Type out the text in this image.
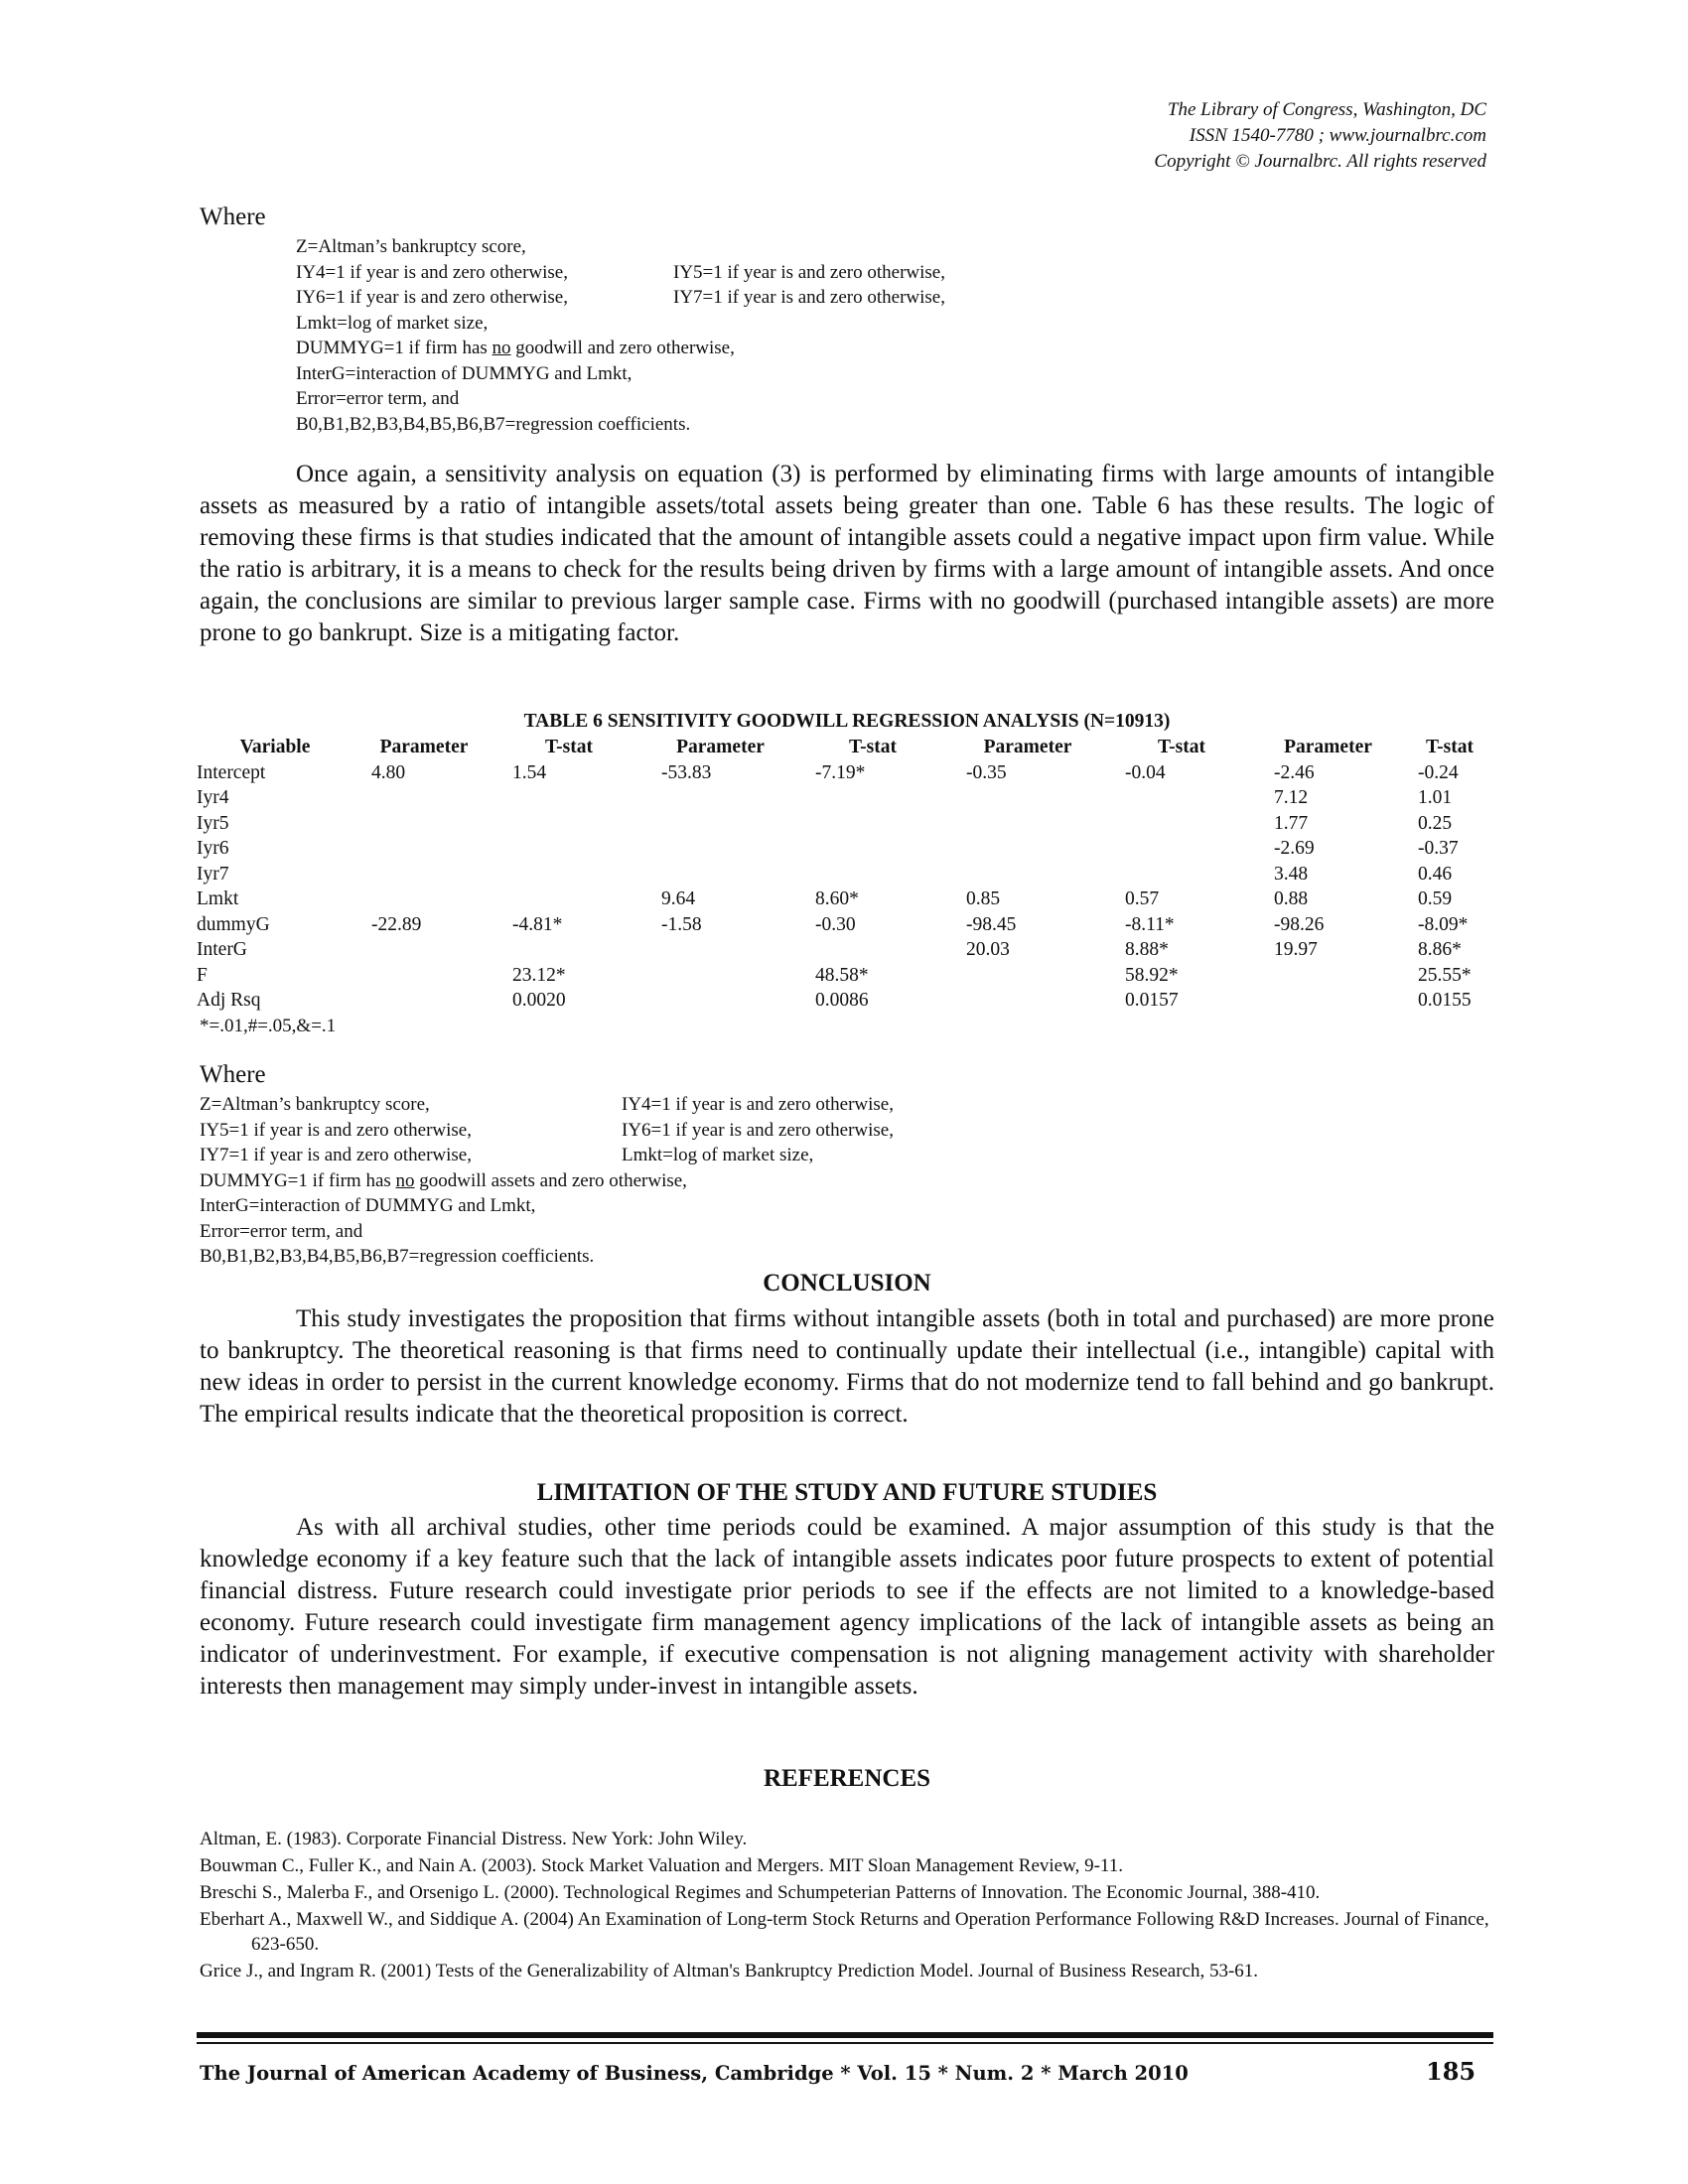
The Library of Congress, Washington, DC
ISSN 1540-7780 ; www.journalbrc.com
Copyright © Journalbrc. All rights reserved
Where
Z=Altman’s bankruptcy score,
IY4=1 if year is and zero otherwise,	IY5=1 if year is and zero otherwise,
IY6=1 if year is and zero otherwise,	IY7=1 if year is and zero otherwise,
Lmkt=log of market size,
DUMMYG=1 if firm has no goodwill and zero otherwise,
InterG=interaction of DUMMYG and Lmkt,
Error=error term, and
B0,B1,B2,B3,B4,B5,B6,B7=regression coefficients.

Once again, a sensitivity analysis on equation (3) is performed by eliminating firms with large amounts of intangible assets as measured by a ratio of intangible assets/total assets being greater than one. Table 6 has these results. The logic of removing these firms is that studies indicated that the amount of intangible assets could a negative impact upon firm value. While the ratio is arbitrary, it is a means to check for the results being driven by firms with a large amount of intangible assets. And once again, the conclusions are similar to previous larger sample case. Firms with no goodwill (purchased intangible assets) are more prone to go bankrupt. Size is a mitigating factor.

TABLE 6 SENSITIVITY GOODWILL REGRESSION ANALYSIS (N=10913)
Variable	Parameter	T-stat	Parameter	T-stat	Parameter	T-stat	Parameter	T-stat
Intercept	4.80	1.54	-53.83	-7.19*	-0.35	-0.04	-2.46	-0.24
Iyr4							7.12	1.01
Iyr5							1.77	0.25
Iyr6							-2.69	-0.37
Iyr7							3.48	0.46
Lmkt			9.64	8.60*	0.85	0.57	0.88	0.59
dummyG	-22.89	-4.81*	-1.58	-0.30	-98.45	-8.11*	-98.26	-8.09*
InterG					20.03	8.88*	19.97	8.86*
F		23.12*		48.58*		58.92*		25.55*
Adj Rsq		0.0020		0.0086		0.0157		0.0155
*=.01,#=.05,&=.1
Where
Z=Altman’s bankruptcy score,	IY4=1 if year is and zero otherwise,
IY5=1 if year is and zero otherwise,	IY6=1 if year is and zero otherwise,
IY7=1 if year is and zero otherwise,	Lmkt=log of market size,
DUMMYG=1 if firm has no goodwill assets and zero otherwise,
InterG=interaction of DUMMYG and Lmkt,
Error=error term, and
B0,B1,B2,B3,B4,B5,B6,B7=regression coefficients.
CONCLUSION

This study investigates the proposition that firms without intangible assets (both in total and purchased) are more prone to bankruptcy. The theoretical reasoning is that firms need to continually update their intellectual (i.e., intangible) capital with new ideas in order to persist in the current knowledge economy. Firms that do not modernize tend to fall behind and go bankrupt. The empirical results indicate that the theoretical proposition is correct.

LIMITATION OF THE STUDY AND FUTURE STUDIES

As with all archival studies, other time periods could be examined. A major assumption of this study is that the knowledge economy if a key feature such that the lack of intangible assets indicates poor future prospects to extent of potential financial distress. Future research could investigate prior periods to see if the effects are not limited to a knowledge-based economy. Future research could investigate firm management agency implications of the lack of intangible assets as being an indicator of underinvestment. For example, if executive compensation is not aligning management activity with shareholder interests then management may simply under-invest in intangible assets.

REFERENCES
Altman, E. (1983). Corporate Financial Distress. New York: John Wiley.
Bouwman C., Fuller K., and Nain A. (2003). Stock Market Valuation and Mergers. MIT Sloan Management Review, 9-11.
Breschi S., Malerba F., and Orsenigo L. (2000). Technological Regimes and Schumpeterian Patterns of Innovation. The Economic Journal, 388-410.
Eberhart A., Maxwell W., and Siddique A. (2004) An Examination of Long-term Stock Returns and Operation Performance Following R&D Increases. Journal of Finance, 623-650.
Grice J., and Ingram R. (2001) Tests of the Generalizability of Altman's Bankruptcy Prediction Model. Journal of Business Research, 53-61.
The Journal of American Academy of Business, Cambridge * Vol. 15 * Num. 2 * March 2010	185
